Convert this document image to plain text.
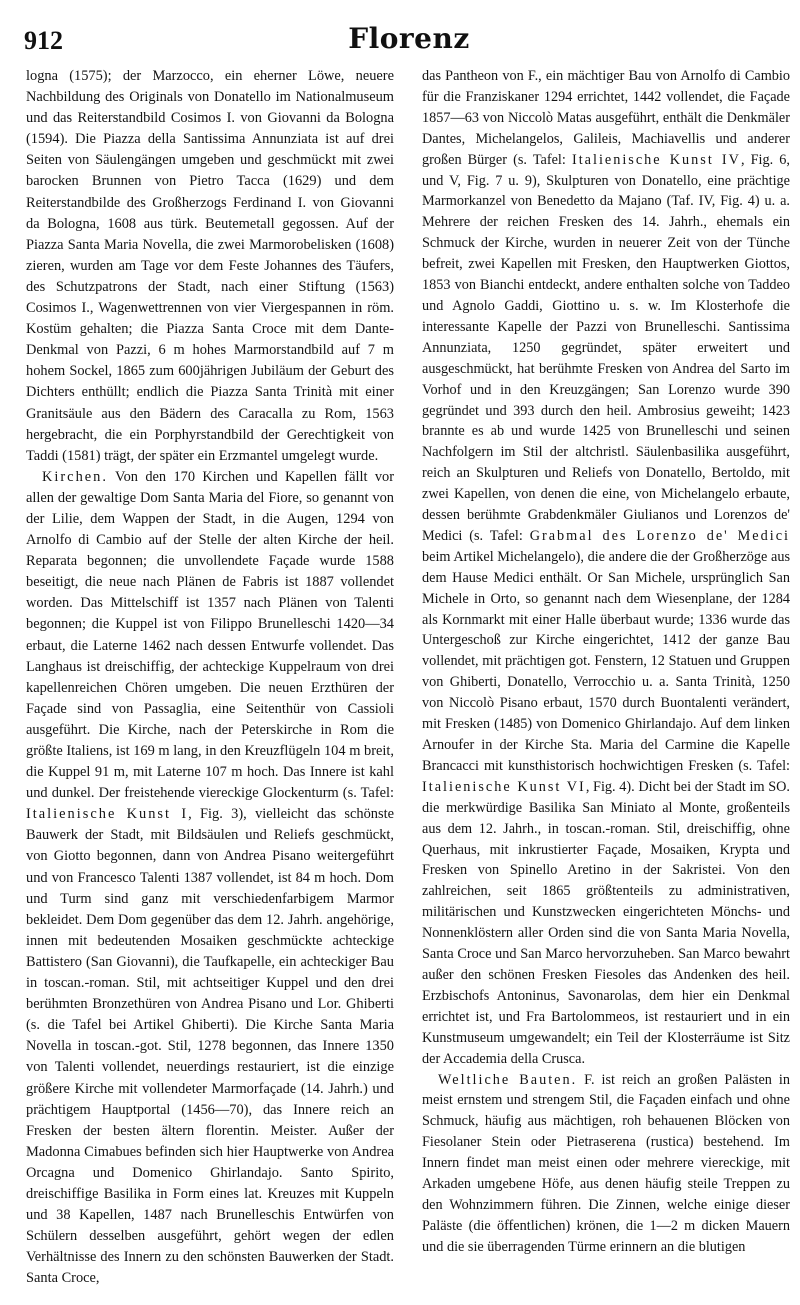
912	Florenz

logna (1575); der Marzocco, ein eherner Löwe, neuere Nachbildung des Originals von Donatello im Nationalmuseum und das Reiterstandbild Cosimos I. von Giovanni da Bologna (1594). Die Piazza della Santissima Annunziata ist auf drei Seiten von Säulengängen umgeben und geschmückt mit zwei barocken Brunnen von Pietro Tacca (1629) und dem Reiterstandbilde des Großherzogs Ferdinand I. von Giovanni da Bologna, 1608 aus türk. Beutemetall gegossen. Auf der Piazza Santa Maria Novella, die zwei Marmorobelisken (1608) zieren, wurden am Tage vor dem Feste Johannes des Täufers, des Schutzpatrons der Stadt, nach einer Stiftung (1563) Cosimos I., Wagenwettrennen von vier Viergespannen in röm. Kostüm gehalten; die Piazza Santa Croce mit dem Dante-Denkmal von Pazzi, 6 m hohes Marmorstandbild auf 7 m hohem Sockel, 1865 zum 600jährigen Jubiläum der Geburt des Dichters enthüllt; endlich die Piazza Santa Trinità mit einer Granitsäule aus den Bädern des Caracalla zu Rom, 1563 hergebracht, die ein Porphyrstandbild der Gerechtigkeit von Taddi (1581) trägt, der später ein Erzmantel umgelegt wurde.

Kirchen. Von den 170 Kirchen und Kapellen fällt vor allen der gewaltige Dom Santa Maria del Fiore, so genannt von der Lilie, dem Wappen der Stadt, in die Augen, 1294 von Arnolfo di Cambio auf der Stelle der alten Kirche der heil. Reparata begonnen; die unvollendete Façade wurde 1588 beseitigt, die neue nach Plänen de Fabris ist 1887 vollendet worden. Das Mittelschiff ist 1357 nach Plänen von Talenti begonnen; die Kuppel ist von Filippo Brunelleschi 1420—34 erbaut, die Laterne 1462 nach dessen Entwurfe vollendet. Das Langhaus ist dreischiffig, der achteckige Kuppelraum von drei kapellenreichen Chören umgeben. Die neuen Erzthüren der Façade sind von Passaglia, eine Seitenthür von Cassioli ausgeführt. Die Kirche, nach der Peterskirche in Rom die größte Italiens, ist 169 m lang, in den Kreuzflügeln 104 m breit, die Kuppel 91 m, mit Laterne 107 m hoch. Das Innere ist kahl und dunkel. Der freistehende viereckige Glockenturm (s. Tafel: Italienische Kunst I, Fig. 3), vielleicht das schönste Bauwerk der Stadt, mit Bildsäulen und Reliefs geschmückt, von Giotto begonnen, dann von Andrea Pisano weitergeführt und von Francesco Talenti 1387 vollendet, ist 84 m hoch. Dom und Turm sind ganz mit verschiedenfarbigem Marmor bekleidet. Dem Dom gegenüber das dem 12. Jahrh. angehörige, innen mit bedeutenden Mosaiken geschmückte achteckige Battistero (San Giovanni), die Taufkapelle, ein achteckiger Bau in toscan.-roman. Stil, mit achtseitiger Kuppel und den drei berühmten Bronzethüren von Andrea Pisano und Lor. Ghiberti (s. die Tafel bei Artikel Ghiberti). Die Kirche Santa Maria Novella in toscan.-got. Stil, 1278 begonnen, das Innere 1350 von Talenti vollendet, neuerdings restauriert, ist die einzige größere Kirche mit vollendeter Marmorfaçade (14. Jahrh.) und prächtigem Hauptportal (1456—70), das Innere reich an Fresken der besten ältern florentin. Meister. Außer der Madonna Cimabues befinden sich hier Hauptwerke von Andrea Orcagna und Domenico Ghirlandajo. Santo Spirito, dreischiffige Basilika in Form eines lat. Kreuzes mit Kuppeln und 38 Kapellen, 1487 nach Brunelleschis Entwürfen von Schülern desselben ausgeführt, gehört wegen der edlen Verhältnisse des Innern zu den schönsten Bauwerken der Stadt. Santa Croce,

das Pantheon von F., ein mächtiger Bau von Arnolfo di Cambio für die Franziskaner 1294 errichtet, 1442 vollendet, die Façade 1857—63 von Niccolò Matas ausgeführt, enthält die Denkmäler Dantes, Michelangelos, Galileis, Machiavellis und anderer großen Bürger (s. Tafel: Italienische Kunst IV, Fig. 6, und V, Fig. 7 u. 9), Skulpturen von Donatello, eine prächtige Marmorkanzel von Benedetto da Majano (Taf. IV, Fig. 4) u. a. Mehrere der reichen Fresken des 14. Jahrh., ehemals ein Schmuck der Kirche, wurden in neuerer Zeit von der Tünche befreit, zwei Kapellen mit Fresken, den Hauptwerken Giottos, 1853 von Bianchi entdeckt, andere enthalten solche von Taddeo und Agnolo Gaddi, Giottino u. s. w. Im Klosterhofe die interessante Kapelle der Pazzi von Brunelleschi. Santissima Annunziata, 1250 gegründet, später erweitert und ausgeschmückt, hat berühmte Fresken von Andrea del Sarto im Vorhof und in den Kreuzgängen; San Lorenzo wurde 390 gegründet und 393 durch den heil. Ambrosius geweiht; 1423 brannte es ab und wurde 1425 von Brunelleschi und seinen Nachfolgern im Stil der altchristl. Säulenbasilika ausgeführt, reich an Skulpturen und Reliefs von Donatello, Bertoldo, mit zwei Kapellen, von denen die eine, von Michelangelo erbaute, dessen berühmte Grabdenkmäler Giulianos und Lorenzos de' Medici (s. Tafel: Grabmal des Lorenzo de' Medici beim Artikel Michelangelo), die andere die der Großherzöge aus dem Hause Medici enthält. Or San Michele, ursprünglich San Michele in Orto, so genannt nach dem Wiesenplane, der 1284 als Kornmarkt mit einer Halle überbaut wurde; 1336 wurde das Untergeschoß zur Kirche eingerichtet, 1412 der ganze Bau vollendet, mit prächtigen got. Fenstern, 12 Statuen und Gruppen von Ghiberti, Donatello, Verrocchio u. a. Santa Trinità, 1250 von Niccolò Pisano erbaut, 1570 durch Buontalenti verändert, mit Fresken (1485) von Domenico Ghirlandajo. Auf dem linken Arnoufer in der Kirche Sta. Maria del Carmine die Kapelle Brancacci mit kunsthistorisch hochwichtigen Fresken (s. Tafel: Italienische Kunst VI, Fig. 4). Dicht bei der Stadt im SO. die merkwürdige Basilika San Miniato al Monte, großenteils aus dem 12. Jahrh., in toscan.-roman. Stil, dreischiffig, ohne Querhaus, mit inkrustierter Façade, Mosaiken, Krypta und Fresken von Spinello Aretino in der Sakristei. Von den zahlreichen, seit 1865 größtenteils zu administrativen, militärischen und Kunstzwecken eingerichteten Mönchs- und Nonnenklöstern aller Orden sind die von Santa Maria Novella, Santa Croce und San Marco hervorzuheben. San Marco bewahrt außer den schönen Fresken Fiesoles das Andenken des heil. Erzbischofs Antoninus, Savonarolas, dem hier ein Denkmal errichtet ist, und Fra Bartolommeos, ist restauriert und in ein Kunstmuseum umgewandelt; ein Teil der Klosterräume ist Sitz der Accademia della Crusca.

Weltliche Bauten. F. ist reich an großen Palästen in meist ernstem und strengem Stil, die Façaden einfach und ohne Schmuck, häufig aus mächtigen, roh behauenen Blöcken von Fiesolaner Stein oder Pietraserena (rustica) bestehend. Im Innern findet man meist einen oder mehrere viereckige, mit Arkaden umgebene Höfe, aus denen häufig steile Treppen zu den Wohnzimmern führen. Die Zinnen, welche einige dieser Paläste (die öffentlichen) krönen, die 1—2 m dicken Mauern und die sie überragenden Türme erinnern an die blutigen
